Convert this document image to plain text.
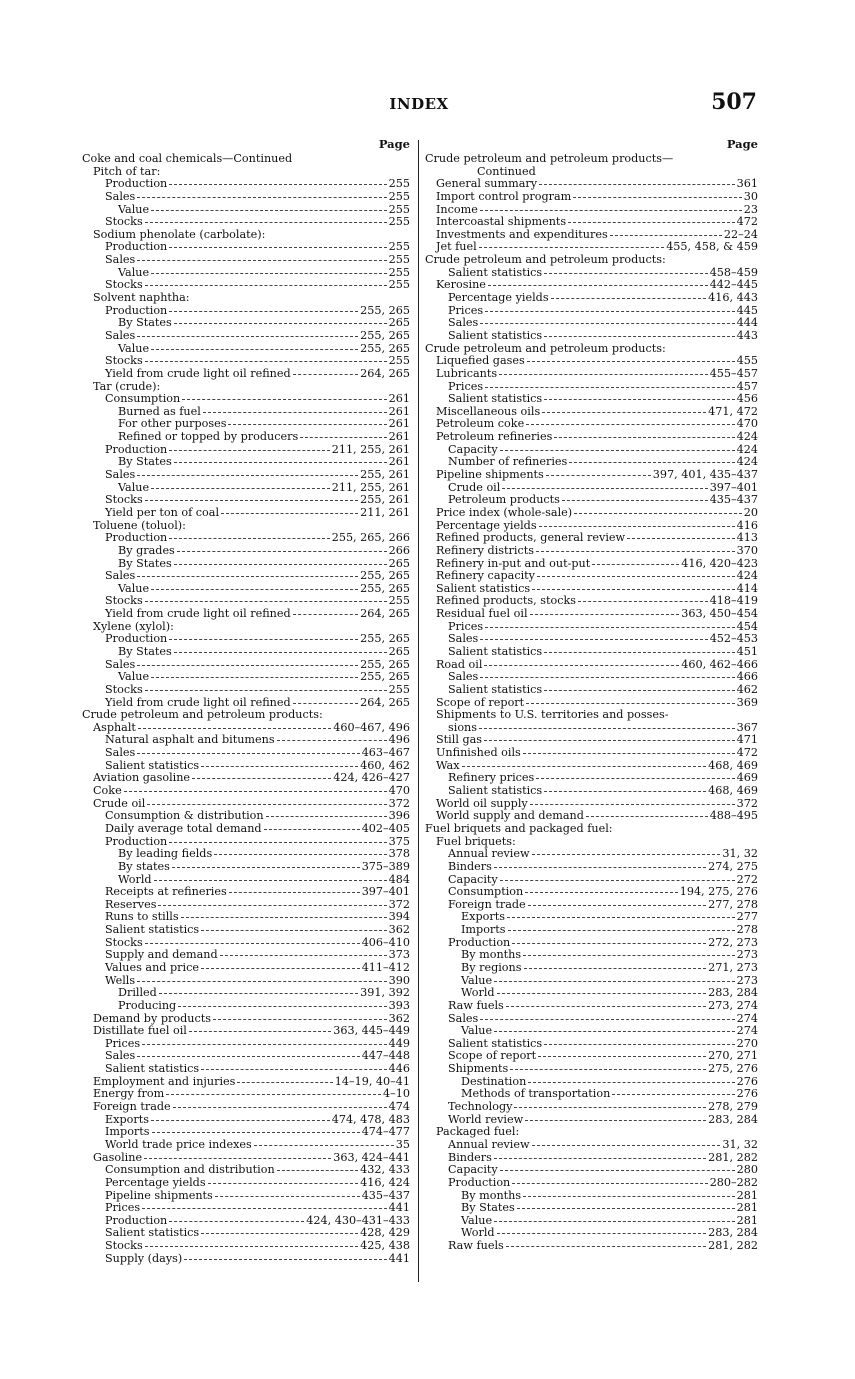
INDEX	507
Page
Coke and coal chemicals—Continued
Pitch of tar:
Production	255
Sales	255
Value	255
Stocks	255
Sodium phenolate (carbolate):
Production	255
Sales	255
Value	255
Stocks	255
Solvent naphtha:
Production	255, 265
By States	265
Sales	255, 265
Value	255, 265
Stocks	255
Yield from crude light oil refined	264, 265
Tar (crude):
Consumption	261
Burned as fuel	261
For other purposes	261
Refined or topped by producers	261
Production	211, 255, 261
By States	261
Sales	255, 261
Value	211, 255, 261
Stocks	255, 261
Yield per ton of coal	211, 261
Toluene (toluol):
Production	255, 265, 266
By grades	266
By States	265
Sales	255, 265
Value	255, 265
Stocks	255
Yield from crude light oil refined	264, 265
Xylene (xylol):
Production	255, 265
By States	265
Sales	255, 265
Value	255, 265
Stocks	255
Yield from crude light oil refined	264, 265
Crude petroleum and petroleum products:
Asphalt	460–467, 496
Natural asphalt and bitumens	496
Sales	463–467
Salient statistics	460, 462
Aviation gasoline	424, 426–427
Coke	470
Crude oil	372
Consumption & distribution	396
Daily average total demand	402–405
Production	375
By leading fields	378
By states	375–389
World	484
Receipts at refineries	397–401
Reserves	372
Runs to stills	394
Salient statistics	362
Stocks	406–410
Supply and demand	373
Values and price	411–412
Wells	390
Drilled	391, 392
Producing	393
Demand by products	362
Distillate fuel oil	363, 445–449
Prices	449
Sales	447–448
Salient statistics	446
Employment and injuries	14–19, 40–41
Energy from	4–10
Foreign trade	474
Exports	474, 478, 483
Imports	474–477
World trade price indexes	35
Gasoline	363, 424–441
Consumption and distribution	432, 433
Percentage yields	416, 424
Pipeline shipments	435–437
Prices	441
Production	424, 430–431–433
Salient statistics	428, 429
Stocks	425, 438
Supply (days)	441
Page
Crude petroleum and petroleum products—
Continued
General summary	361
Import control program	30
Income	23
Intercoastal shipments	472
Investments and expenditures	22–24
Jet fuel	455, 458, & 459
Crude petroleum and petroleum products:
Salient statistics	458–459
Kerosine	442–445
Percentage yields	416, 443
Prices	445
Sales	444
Salient statistics	443
Crude petroleum and petroleum products:
Liquefied gases	455
Lubricants	455–457
Prices	457
Salient statistics	456
Miscellaneous oils	471, 472
Petroleum coke	470
Petroleum refineries	424
Capacity	424
Number of refineries	424
Pipeline shipments	397, 401, 435–437
Crude oil	397–401
Petroleum products	435–437
Price index (whole-sale)	20
Percentage yields	416
Refined products, general review	413
Refinery districts	370
Refinery in-put and out-put	416, 420–423
Refinery capacity	424
Salient statistics	414
Refined products, stocks	418–419
Residual fuel oil	363, 450–454
Prices	454
Sales	452–453
Salient statistics	451
Road oil	460, 462–466
Sales	466
Salient statistics	462
Scope of report	369
Shipments to U.S. territories and posses-
sions	367
Still gas	471
Unfinished oils	472
Wax	468, 469
Refinery prices	469
Salient statistics	468, 469
World oil supply	372
World supply and demand	488–495
Fuel briquets and packaged fuel:
Fuel briquets:
Annual review	31, 32
Binders	274, 275
Capacity	272
Consumption	194, 275, 276
Foreign trade	277, 278
Exports	277
Imports	278
Production	272, 273
By months	273
By regions	271, 273
Value	273
World	283, 284
Raw fuels	273, 274
Sales	274
Value	274
Salient statistics	270
Scope of report	270, 271
Shipments	275, 276
Destination	276
Methods of transportation	276
Technology	278, 279
World review	283, 284
Packaged fuel:
Annual review	31, 32
Binders	281, 282
Capacity	280
Production	280–282
By months	281
By States	281
Value	281
World	283, 284
Raw fuels	281, 282
